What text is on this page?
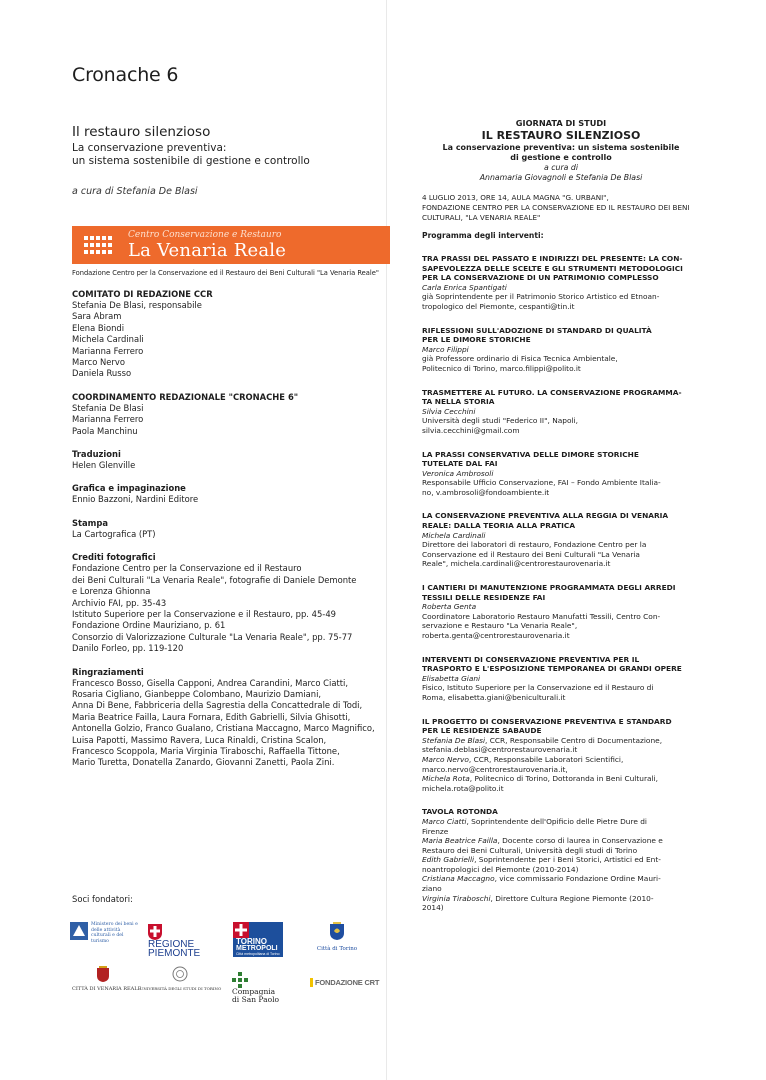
Cronache 6
Il restauro silenzioso

La conservazione preventiva:
un sistema sostenibile di gestione e controllo

a cura di Stefania De Blasi

Centro Conservazione e Restauro
La Venaria Reale
Fondazione Centro per la Conservazione ed il Restauro dei Beni Culturali "La Venaria Reale"
COMITATO DI REDAZIONE CCR
Stefania De Blasi, responsabile
Sara Abram
Elena Biondi
Michela Cardinali
Marianna Ferrero
Marco Nervo
Daniela Russo
COORDINAMENTO REDAZIONALE "CRONACHE 6"
Stefania De Blasi
Marianna Ferrero
Paola Manchinu
Traduzioni
Helen Glenville
Grafica e impaginazione
Ennio Bazzoni, Nardini Editore
Stampa
La Cartografica (PT)
Crediti fotografici
Fondazione Centro per la Conservazione ed il Restauro
dei Beni Culturali "La Venaria Reale", fotografie di Daniele Demonte
e Lorenza Ghionna
Archivio FAI, pp. 35-43
Istituto Superiore per la Conservazione e il Restauro, pp. 45-49
Fondazione Ordine Mauriziano, p. 61
Consorzio di Valorizzazione Culturale "La Venaria Reale", pp. 75-77
Danilo Forleo, pp. 119-120
Ringraziamenti
Francesco Bosso, Gisella Capponi, Andrea Carandini, Marco Ciatti,
Rosaria Cigliano, Gianbeppe Colombano, Maurizio Damiani,
Anna Di Bene, Fabbriceria della Sagrestia della Concattedrale di Todi,
Maria Beatrice Failla, Laura Fornara, Edith Gabrielli, Silvia Ghisotti,
Antonella Golzio, Franco Gualano, Cristiana Maccagno, Marco Magnifico,
Luisa Papotti, Massimo Ravera, Luca Rinaldi, Cristina Scalon,
Francesco Scoppola, Maria Virginia Tiraboschi, Raffaella Tittone,
Mario Turetta, Donatella Zanardo, Giovanni Zanetti, Paola Zini.
Soci fondatori:
Ministero dei beni e delle attività culturali e del turismo	REGIONE
PIEMONTE
TORINO
METROPOLI
Città metropolitana di Torino
Città di Torino
CITTÀ DI VENARIA REALE
UNIVERSITÀ DEGLI STUDI DI TORINO Compagnia
di San Paolo
FONDAZIONE CRT
GIORNATA DI STUDI
IL RESTAURO SILENZIOSO
La conservazione preventiva: un sistema sostenibile
di gestione e controllo
a cura di
Annamaria Giovagnoli e Stefania De Blasi
4 LUGLIO 2013, ORE 14, AULA MAGNA "G. URBANI",
FONDAZIONE CENTRO PER LA CONSERVAZIONE ED IL RESTAURO DEI BENI
CULTURALI, "LA VENARIA REALE"
Programma degli interventi:
TRA PRASSI DEL PASSATO E INDIRIZZI DEL PRESENTE: LA CON-
SAPEVOLEZZA DELLE SCELTE E GLI STRUMENTI METODOLOGICI
PER LA CONSERVAZIONE DI UN PATRIMONIO COMPLESSO
Carla Enrica Spantigati
già Soprintendente per il Patrimonio Storico Artistico ed Etnoan-
tropologico del Piemonte, cespanti@tin.it
RIFLESSIONI SULL'ADOZIONE DI STANDARD DI QUALITÀ
PER LE DIMORE STORICHE
Marco Filippi
già Professore ordinario di Fisica Tecnica Ambientale,
Politecnico di Torino, marco.filippi@polito.it
TRASMETTERE AL FUTURO. LA CONSERVAZIONE PROGRAMMA-
TA NELLA STORIA
Silvia Cecchini
Università degli studi "Federico II", Napoli,
silvia.cecchini@gmail.com
LA PRASSI CONSERVATIVA DELLE DIMORE STORICHE
TUTELATE DAL FAI
Veronica Ambrosoli
Responsabile Ufficio Conservazione, FAI – Fondo Ambiente Italia-
no, v.ambrosoli@fondoambiente.it
LA CONSERVAZIONE PREVENTIVA ALLA REGGIA DI VENARIA
REALE: DALLA TEORIA ALLA PRATICA
Michela Cardinali
Direttore dei laboratori di restauro, Fondazione Centro per la
Conservazione ed il Restauro dei Beni Culturali "La Venaria
Reale", michela.cardinali@centrorestaurovenaria.it
I CANTIERI DI MANUTENZIONE PROGRAMMATA DEGLI ARREDI
TESSILI DELLE RESIDENZE FAI
Roberta Genta
Coordinatore Laboratorio Restauro Manufatti Tessili, Centro Con-
servazione e Restauro "La Venaria Reale",
roberta.genta@centrorestaurovenaria.it
INTERVENTI DI CONSERVAZIONE PREVENTIVA PER IL
TRASPORTO E L'ESPOSIZIONE TEMPORANEA DI GRANDI OPERE
Elisabetta Giani
Fisico, Istituto Superiore per la Conservazione ed il Restauro di
Roma, elisabetta.giani@beniculturali.it
IL PROGETTO DI CONSERVAZIONE PREVENTIVA E STANDARD
PER LE RESIDENZE SABAUDE
Stefania De Blasi, CCR, Responsabile Centro di Documentazione,
stefania.deblasi@centrorestaurovenaria.it
Marco Nervo, CCR, Responsabile Laboratori Scientifici,
marco.nervo@centrorestaurovenaria.it,
Michela Rota, Politecnico di Torino, Dottoranda in Beni Culturali,
michela.rota@polito.it
TAVOLA ROTONDA
Marco Ciatti, Soprintendente dell'Opificio delle Pietre Dure di
Firenze
Maria Beatrice Failla, Docente corso di laurea in Conservazione e
Restauro dei Beni Culturali, Università degli studi di Torino
Edith Gabrielli, Soprintendente per i Beni Storici, Artistici ed Ent-
noantropologici del Piemonte (2010-2014)
Cristiana Maccagno, vice commissario Fondazione Ordine Mauri-
ziano
Virginia Tiraboschi, Direttore Cultura Regione Piemonte (2010-
2014)
